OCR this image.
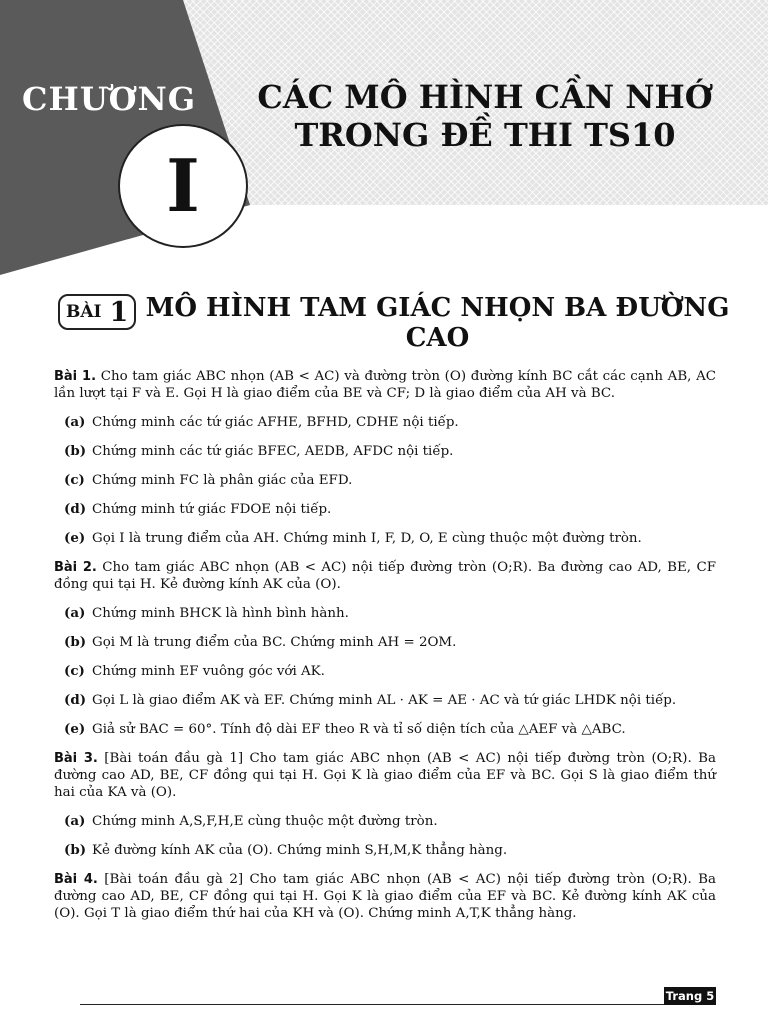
CHƯƠNG
I
CÁC MÔ HÌNH CẦN NHỚ TRONG ĐỀ THI TS10
BÀI 1 MÔ HÌNH TAM GIÁC NHỌN BA ĐƯỜNG CAO
Bài 1. Cho tam giác ABC nhọn (AB < AC) và đường tròn (O) đường kính BC cắt các cạnh AB, AC lần lượt tại F và E. Gọi H là giao điểm của BE và CF; D là giao điểm của AH và BC.
(a) Chứng minh các tứ giác AFHE, BFHD, CDHE nội tiếp.
(b) Chứng minh các tứ giác BFEC, AEDB, AFDC nội tiếp.
(c) Chứng minh FC là phân giác của EFD.
(d) Chứng minh tứ giác FDOE nội tiếp.
(e) Gọi I là trung điểm của AH. Chứng minh I, F, D, O, E cùng thuộc một đường tròn.
Bài 2. Cho tam giác ABC nhọn (AB < AC) nội tiếp đường tròn (O;R). Ba đường cao AD, BE, CF đồng qui tại H. Kẻ đường kính AK của (O).
(a) Chứng minh BHCK là hình bình hành.
(b) Gọi M là trung điểm của BC. Chứng minh AH = 2OM.
(c) Chứng minh EF vuông góc với AK.
(d) Gọi L là giao điểm AK và EF. Chứng minh AL · AK = AE · AC và tứ giác LHDK nội tiếp.
(e) Giả sử BAC = 60°. Tính độ dài EF theo R và tỉ số diện tích của △AEF và △ABC.
Bài 3. [Bài toán đầu gà 1] Cho tam giác ABC nhọn (AB < AC) nội tiếp đường tròn (O;R). Ba đường cao AD, BE, CF đồng qui tại H. Gọi K là giao điểm của EF và BC. Gọi S là giao điểm thứ hai của KA và (O).
(a) Chứng minh A,S,F,H,E cùng thuộc một đường tròn.
(b) Kẻ đường kính AK của (O). Chứng minh S,H,M,K thẳng hàng.
Bài 4. [Bài toán đầu gà 2] Cho tam giác ABC nhọn (AB < AC) nội tiếp đường tròn (O;R). Ba đường cao AD, BE, CF đồng qui tại H. Gọi K là giao điểm của EF và BC. Kẻ đường kính AK của (O). Gọi T là giao điểm thứ hai của KH và (O). Chứng minh A,T,K thẳng hàng.
Trang 5
